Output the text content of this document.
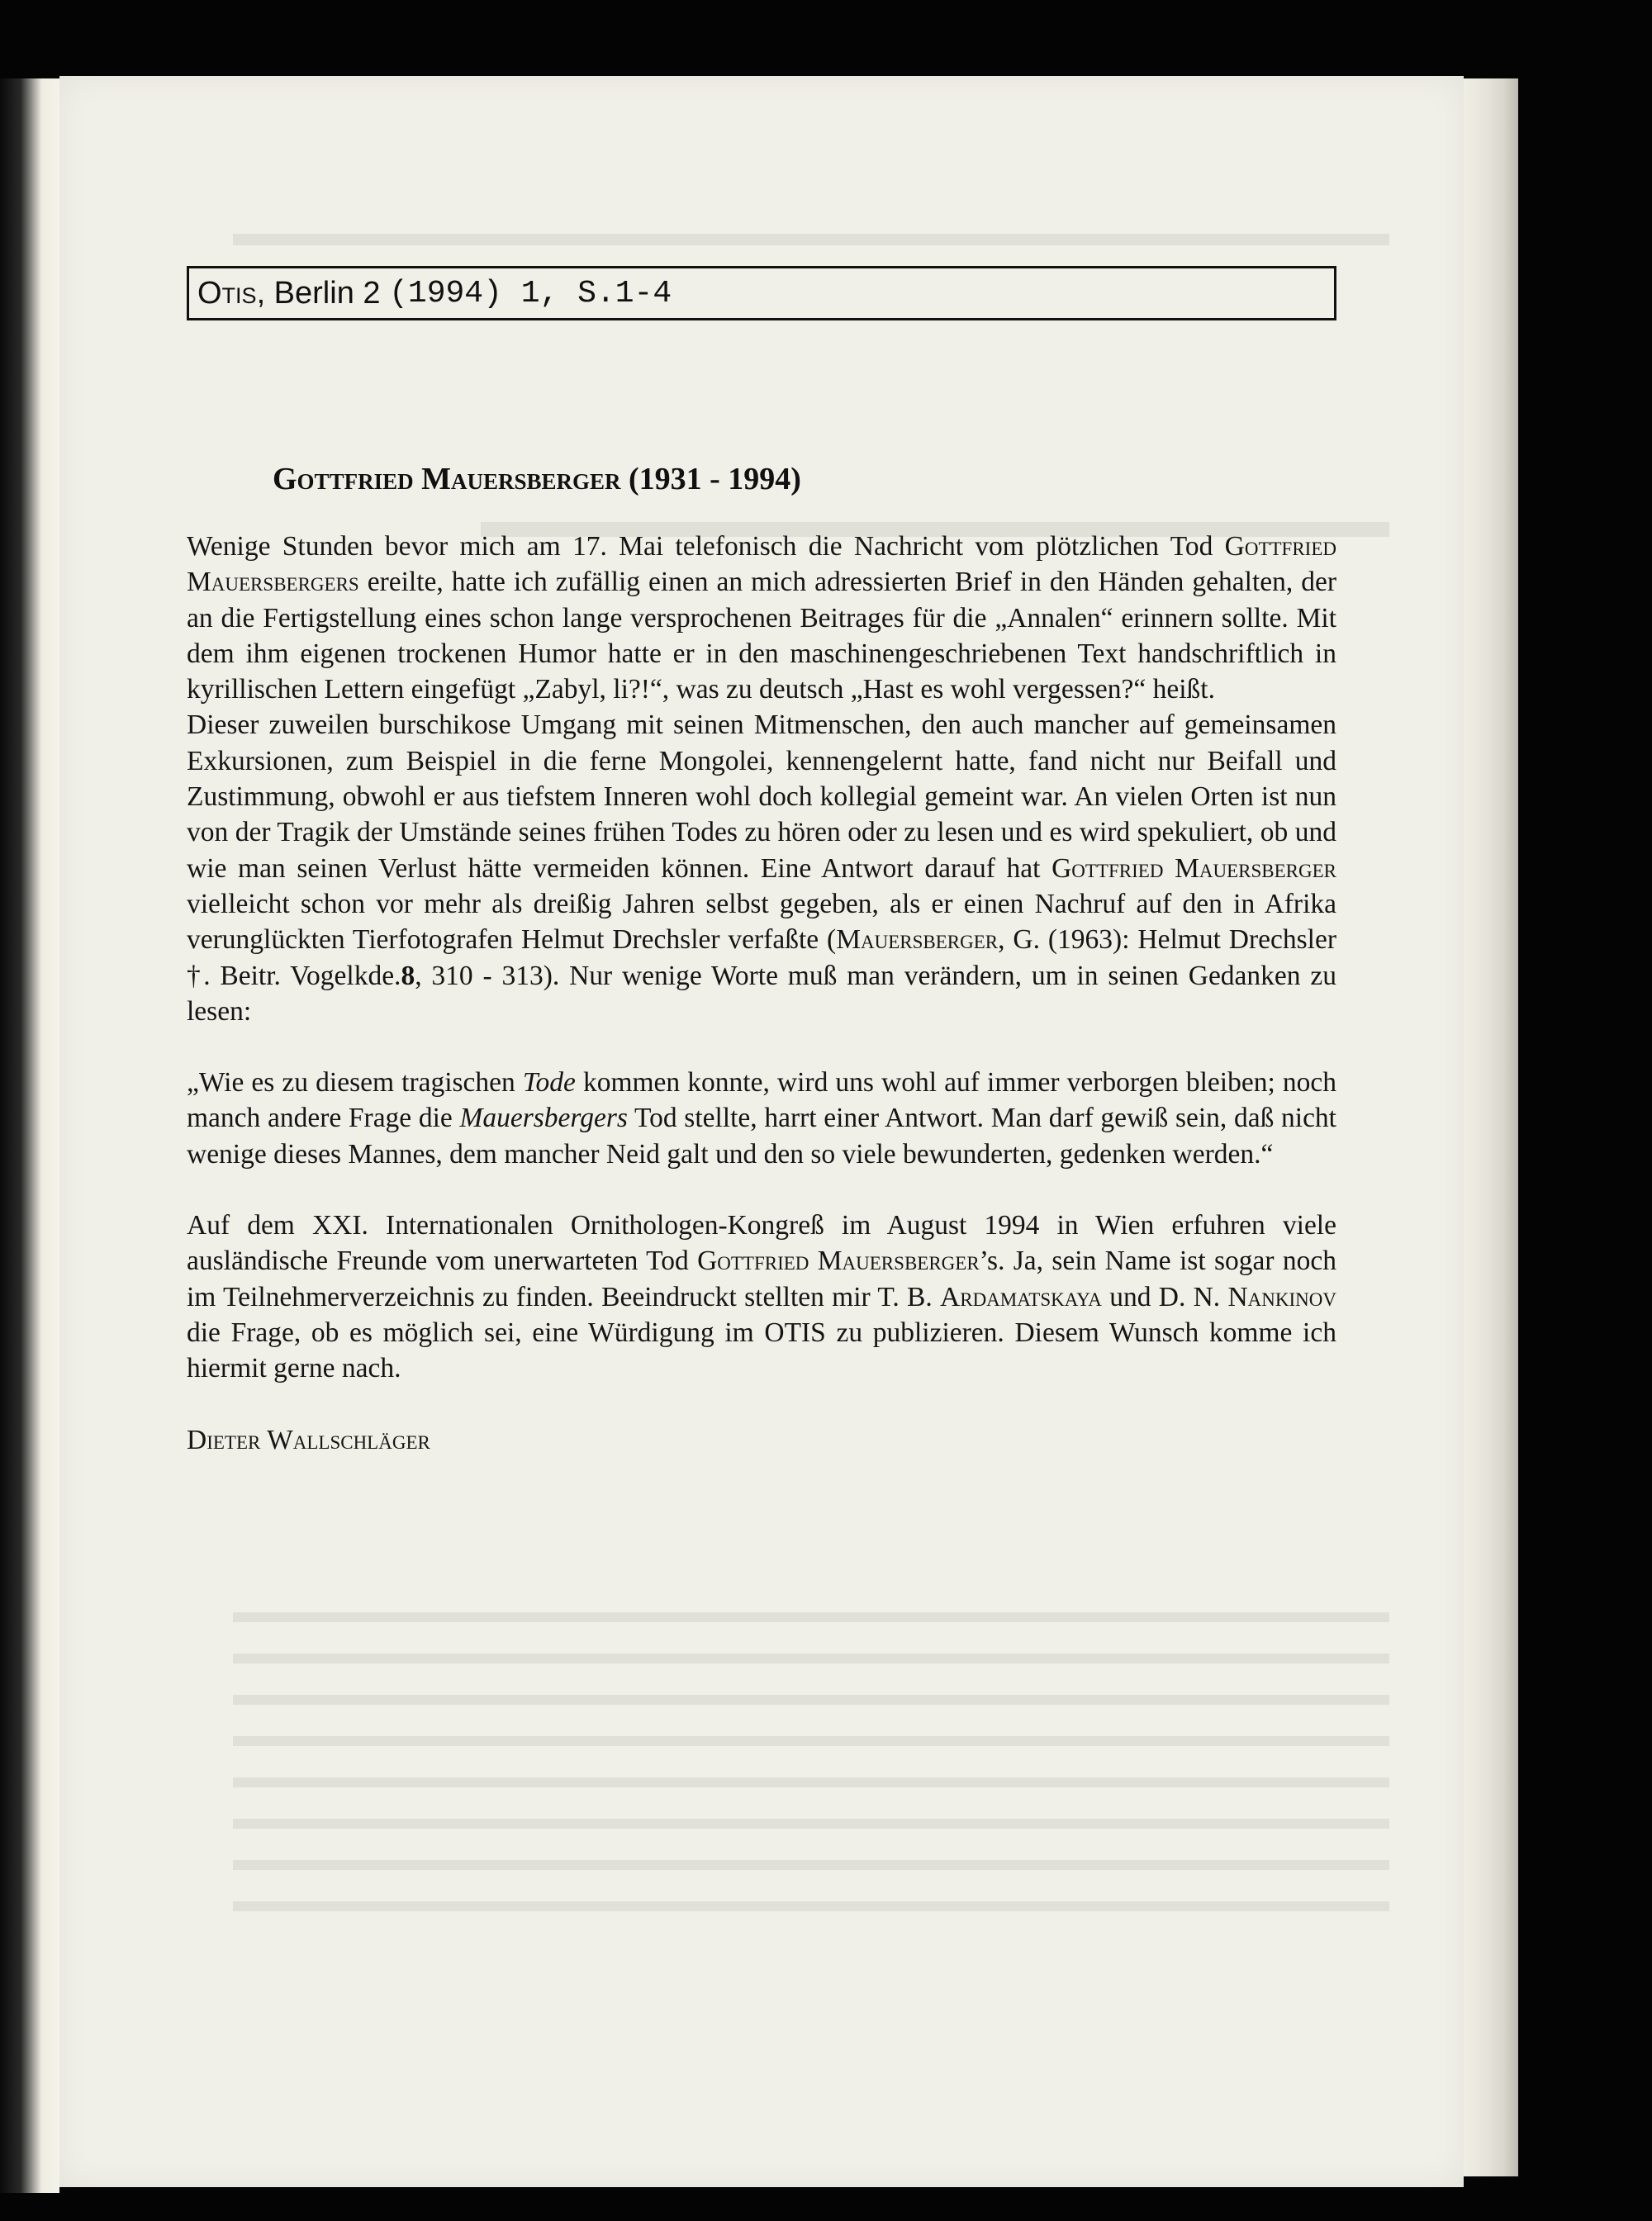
Otis , Berlin 2
(1994) 1, S.1-4
Gottfried Mauersberger (1931 - 1994)

Wenige Stunden bevor mich am 17. Mai telefonisch die Nachricht vom plötzlichen Tod Gottfried Mauersbergers ereilte, hatte ich zufällig einen an mich adressierten Brief in den Händen gehalten, der an die Fertigstellung eines schon lange versprochenen Beitrages für die „Annalen“ erinnern sollte. Mit dem ihm eigenen trockenen Humor hatte er in den maschinengeschriebenen Text handschriftlich in kyrillischen Lettern eingefügt „Zabyl, li?!“, was zu deutsch „Hast es wohl vergessen?“ heißt.

Dieser zuweilen burschikose Umgang mit seinen Mitmenschen, den auch mancher auf gemeinsamen Exkursionen, zum Beispiel in die ferne Mongolei, kennengelernt hatte, fand nicht nur Beifall und Zustimmung, obwohl er aus tiefstem Inneren wohl doch kollegial gemeint war. An vielen Orten ist nun von der Tragik der Umstände seines frühen Todes zu hören oder zu lesen und es wird spekuliert, ob und wie man seinen Verlust hätte vermeiden können. Eine Antwort darauf hat Gottfried Mauersberger vielleicht schon vor mehr als dreißig Jahren selbst gegeben, als er einen Nachruf auf den in Afrika verunglückten Tierfotografen Helmut Drechsler verfaßte (Mauersberger, G. (1963): Helmut Drechsler †. Beitr. Vogelkde.8, 310 - 313). Nur wenige Worte muß man verändern, um in seinen Gedanken zu lesen:

„Wie es zu diesem tragischen Tode kommen konnte, wird uns wohl auf immer verborgen bleiben; noch manch andere Frage die Mauersbergers Tod stellte, harrt einer Antwort. Man darf gewiß sein, daß nicht wenige dieses Mannes, dem mancher Neid galt und den so viele bewunderten, gedenken werden.“

Auf dem XXI. Internationalen Ornithologen-Kongreß im August 1994 in Wien erfuhren viele ausländische Freunde vom unerwarteten Tod Gottfried Mauersberger’s. Ja, sein Name ist sogar noch im Teilnehmerverzeichnis zu finden. Beeindruckt stellten mir T. B. Ardamatskaya und D. N. Nankinov die Frage, ob es möglich sei, eine Würdigung im OTIS zu publizieren. Diesem Wunsch komme ich hiermit gerne nach.

Dieter Wallschläger
